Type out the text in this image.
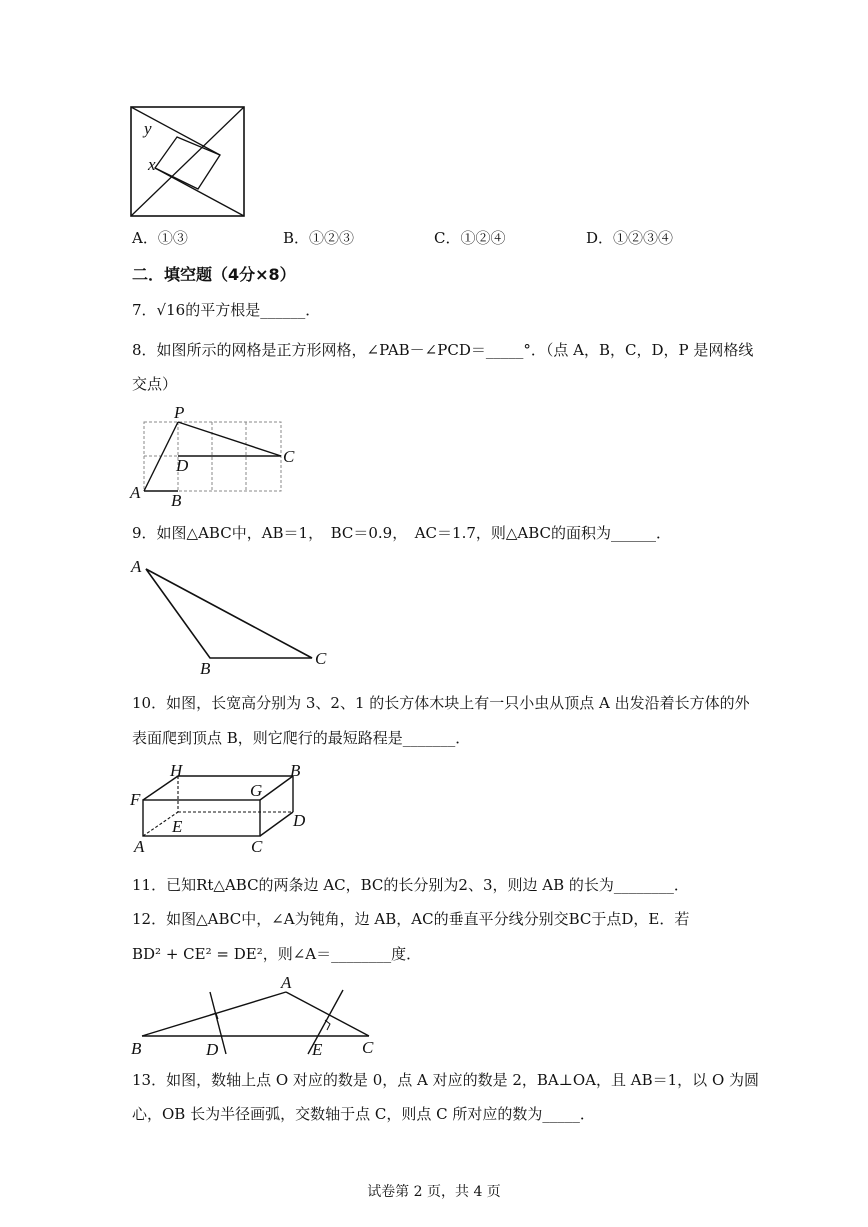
y
x
A．①③	B．①②③	C．①②④	D．①②③④
二．填空题（4分×8）
7．√16的平方根是______．
8．如图所示的网格是正方形网格，∠PAB－∠PCD＝_____°．（点 A，B，C，D，P 是网格线
交点）
P
D	C
A B
9．如图△ABC中，AB＝1，　BC＝0.9，　AC＝1.7，则△ABC的面积为______．
A
B
C
10．如图，长宽高分别为 3、2、1 的长方体木块上有一只小虫从顶点 A 出发沿着长方体的外
表面爬到顶点 B，则它爬行的最短路程是_______．
H	B
F	G
E	D
A	C
11．已知Rt△ABC的两条边 AC，BC的长分别为2、3，则边 AB 的长为________．
12．如图△ABC中，∠A为钝角，边 AB，AC的垂直平分线分别交BC于点D，E．若
BD² + CE² = DE²，则∠A＝________度．
A
B	D	E C
13．如图，数轴上点 O 对应的数是 0，点 A 对应的数是 2，BA⊥OA，且 AB＝1，以 O 为圆
心，OB 长为半径画弧，交数轴于点 C，则点 C 所对应的数为_____．
试卷第 2 页，共 4 页
